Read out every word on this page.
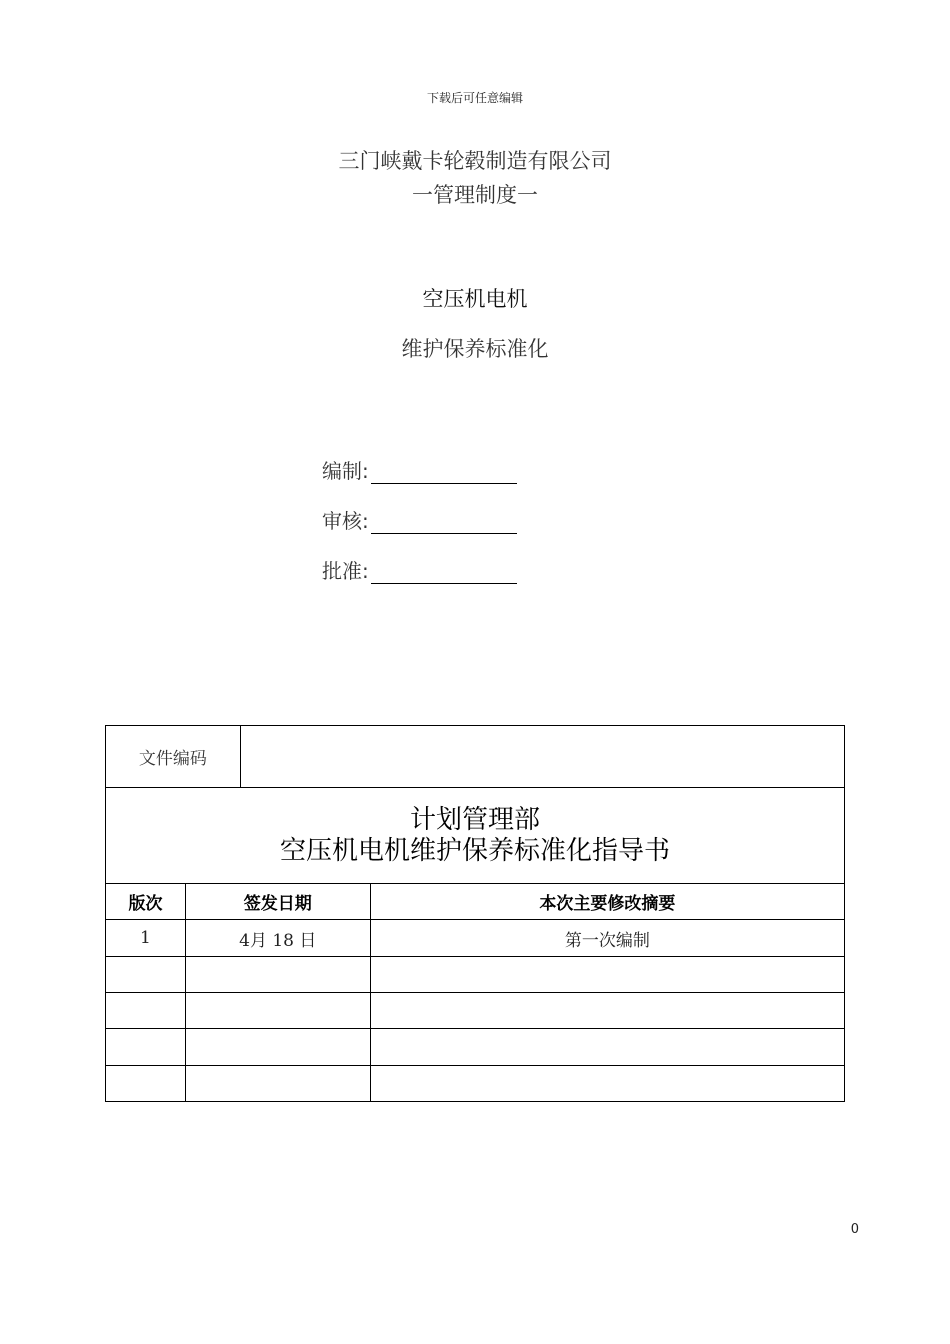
下载后可任意编辑
三门峡戴卡轮毂制造有限公司
一管理制度一
空压机电机
维护保养标准化
编制:
审核:
批准:
文件编码			

计划管理部
空压机电机维护保养标准化指导书			

版次	签发日期		本次主要修改摘要
1	4月 18 日		第一次编制

0
